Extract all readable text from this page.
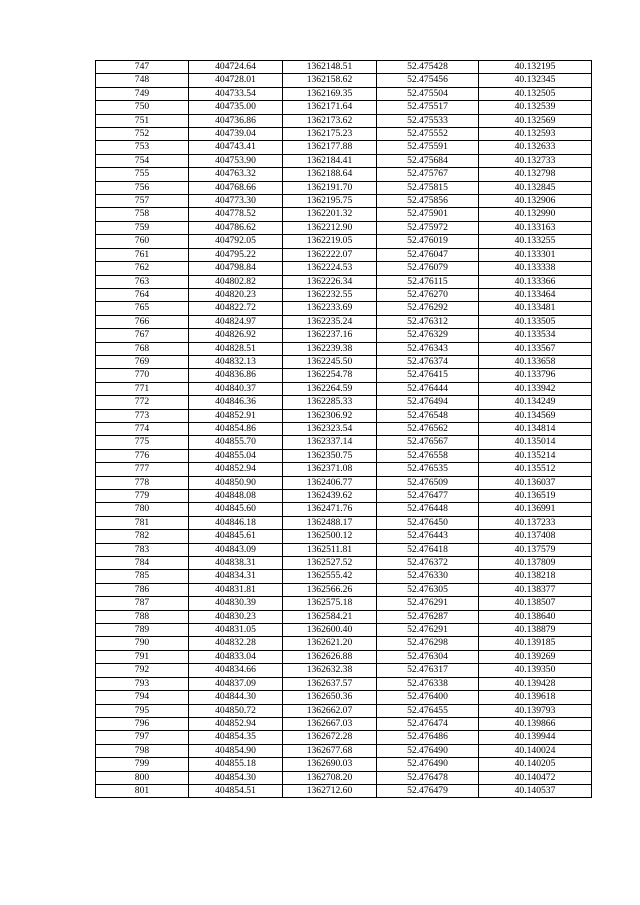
747	404724.64	1362148.51	52.475428	40.132195
748	404728.01	1362158.62	52.475456	40.132345
749	404733.54	1362169.35	52.475504	40.132505
750	404735.00	1362171.64	52.475517	40.132539
751	404736.86	1362173.62	52.475533	40.132569
752	404739.04	1362175.23	52.475552	40.132593
753	404743.41	1362177.88	52.475591	40.132633
754	404753.90	1362184.41	52.475684	40.132733
755	404763.32	1362188.64	52.475767	40.132798
756	404768.66	1362191.70	52.475815	40.132845
757	404773.30	1362195.75	52.475856	40.132906
758	404778.52	1362201.32	52.475901	40.132990
759	404786.62	1362212.90	52.475972	40.133163
760	404792.05	1362219.05	52.476019	40.133255
761	404795.22	1362222.07	52.476047	40.133301
762	404798.84	1362224.53	52.476079	40.133338
763	404802.82	1362226.34	52.476115	40.133366
764	404820.23	1362232.55	52.476270	40.133464
765	404822.72	1362233.69	52.476292	40.133481
766	404824.97	1362235.24	52.476312	40.133505
767	404826.92	1362237.16	52.476329	40.133534
768	404828.51	1362239.38	52.476343	40.133567
769	404832.13	1362245.50	52.476374	40.133658
770	404836.86	1362254.78	52.476415	40.133796
771	404840.37	1362264.59	52.476444	40.133942
772	404846.36	1362285.33	52.476494	40.134249
773	404852.91	1362306.92	52.476548	40.134569
774	404854.86	1362323.54	52.476562	40.134814
775	404855.70	1362337.14	52.476567	40.135014
776	404855.04	1362350.75	52.476558	40.135214
777	404852.94	1362371.08	52.476535	40.135512
778	404850.90	1362406.77	52.476509	40.136037
779	404848.08	1362439.62	52.476477	40.136519
780	404845.60	1362471.76	52.476448	40.136991
781	404846.18	1362488.17	52.476450	40.137233
782	404845.61	1362500.12	52.476443	40.137408
783	404843.09	1362511.81	52.476418	40.137579
784	404838.31	1362527.52	52.476372	40.137809
785	404834.31	1362555.42	52.476330	40.138218
786	404831.81	1362566.26	52.476305	40.138377
787	404830.39	1362575.18	52.476291	40.138507
788	404830.23	1362584.21	52.476287	40.138640
789	404831.05	1362600.40	52.476291	40.138879
790	404832.28	1362621.20	52.476298	40.139185
791	404833.04	1362626.88	52.476304	40.139269
792	404834.66	1362632.38	52.476317	40.139350
793	404837.09	1362637.57	52.476338	40.139428
794	404844.30	1362650.36	52.476400	40.139618
795	404850.72	1362662.07	52.476455	40.139793
796	404852.94	1362667.03	52.476474	40.139866
797	404854.35	1362672.28	52.476486	40.139944
798	404854.90	1362677.68	52.476490	40.140024
799	404855.18	1362690.03	52.476490	40.140205
800	404854.30	1362708.20	52.476478	40.140472
801	404854.51	1362712.60	52.476479	40.140537
